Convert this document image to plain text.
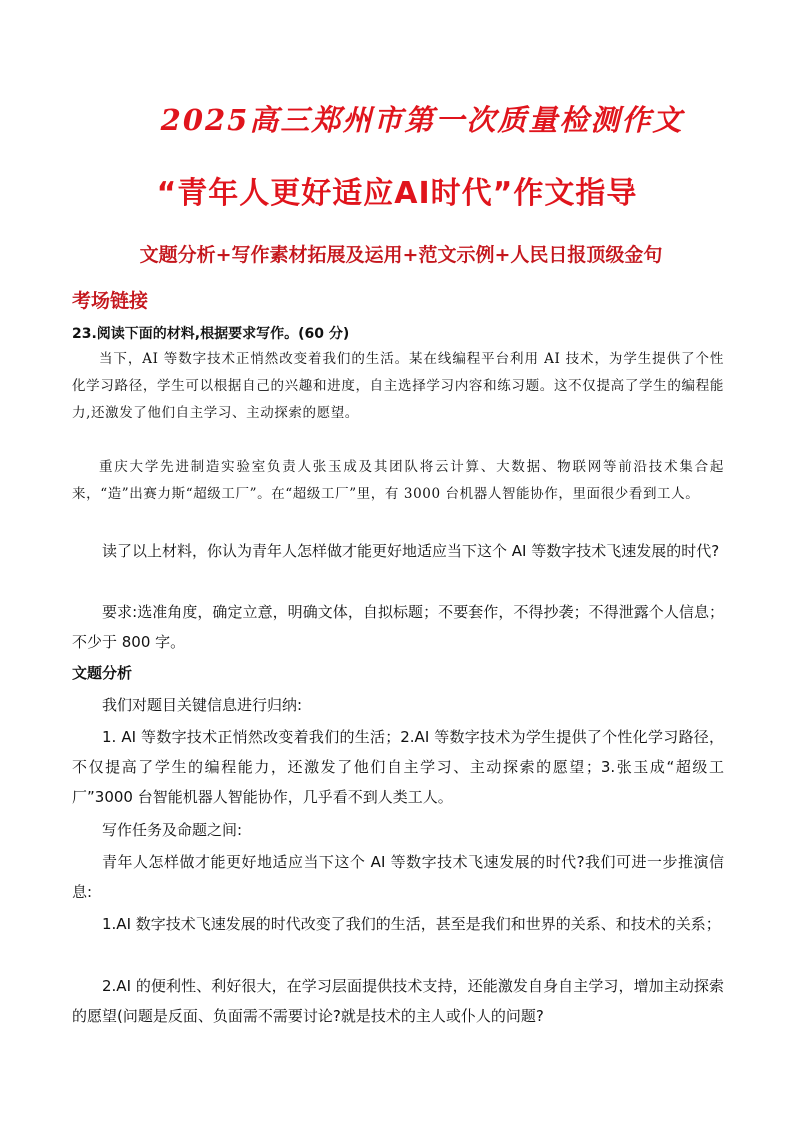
2025高三郑州市第一次质量检测作文
“青年人更好适应AI时代”作文指导
文题分析+写作素材拓展及运用+范文示例+人民日报顶级金句
考场链接
23.阅读下面的材料,根据要求写作。(60 分)
当下，AI 等数字技术正悄然改变着我们的生活。某在线编程平台利用 AI 技术，为学生提供了个性化学习路径，学生可以根据自己的兴趣和进度，自主选择学习内容和练习题。这不仅提高了学生的编程能力,还激发了他们自主学习、主动探索的愿望。
重庆大学先进制造实验室负责人张玉成及其团队将云计算、大数据、物联网等前沿技术集合起来，“造”出赛力斯“超级工厂”。在“超级工厂”里，有 3000 台机器人智能协作，里面很少看到工人。
读了以上材料，你认为青年人怎样做才能更好地适应当下这个 AI 等数字技术飞速发展的时代?
要求:选准角度，确定立意，明确文体，自拟标题；不要套作，不得抄袭；不得泄露个人信息；不少于 800 字。
文题分析
我们对题目关键信息进行归纳:
1. AI 等数字技术正悄然改变着我们的生活；2.AI 等数字技术为学生提供了个性化学习路径，不仅提高了学生的编程能力，还激发了他们自主学习、主动探索的愿望；3.张玉成“超级工厂”3000 台智能机器人智能协作，几乎看不到人类工人。
写作任务及命题之间:
青年人怎样做才能更好地适应当下这个 AI 等数字技术飞速发展的时代?我们可进一步推演信息:
1.AI 数字技术飞速发展的时代改变了我们的生活，甚至是我们和世界的关系、和技术的关系；
2.AI 的便利性、利好很大，在学习层面提供技术支持，还能激发自身自主学习，增加主动探索的愿望(问题是反面、负面需不需要讨论?就是技术的主人或仆人的问题?
